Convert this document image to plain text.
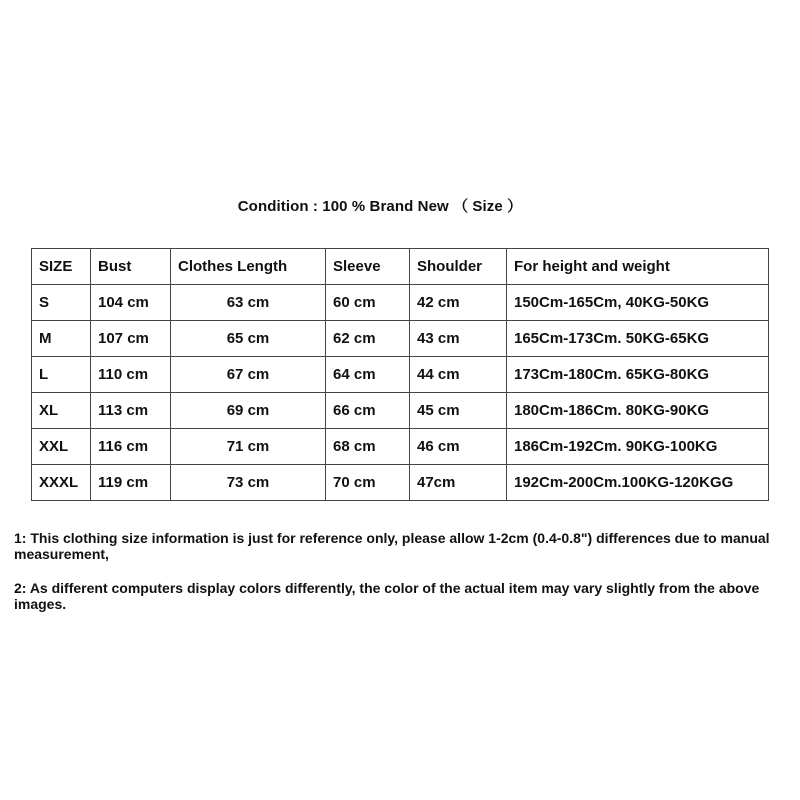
Condition : 100 % Brand New （ Size ）
SIZE	Bust	Clothes Length	Sleeve	Shoulder	For height and weight
S	104 cm	63 cm	60 cm	42 cm	150Cm-165Cm, 40KG-50KG
M	107 cm	65 cm	62 cm	43 cm	165Cm-173Cm. 50KG-65KG
L	110 cm	67 cm	64 cm	44 cm	173Cm-180Cm. 65KG-80KG
XL	113 cm	69 cm	66 cm	45 cm	180Cm-186Cm. 80KG-90KG
XXL	116 cm	71 cm	68 cm	46 cm	186Cm-192Cm. 90KG-100KG
XXXL	119 cm	73 cm	70 cm	47cm	192Cm-200Cm.100KG-120KGG
1: This clothing size information is just for reference only, please allow 1-2cm (0.4-0.8") differences due to manual measurement,
2: As different computers display colors differently, the color of the actual item may vary slightly from the above images.
